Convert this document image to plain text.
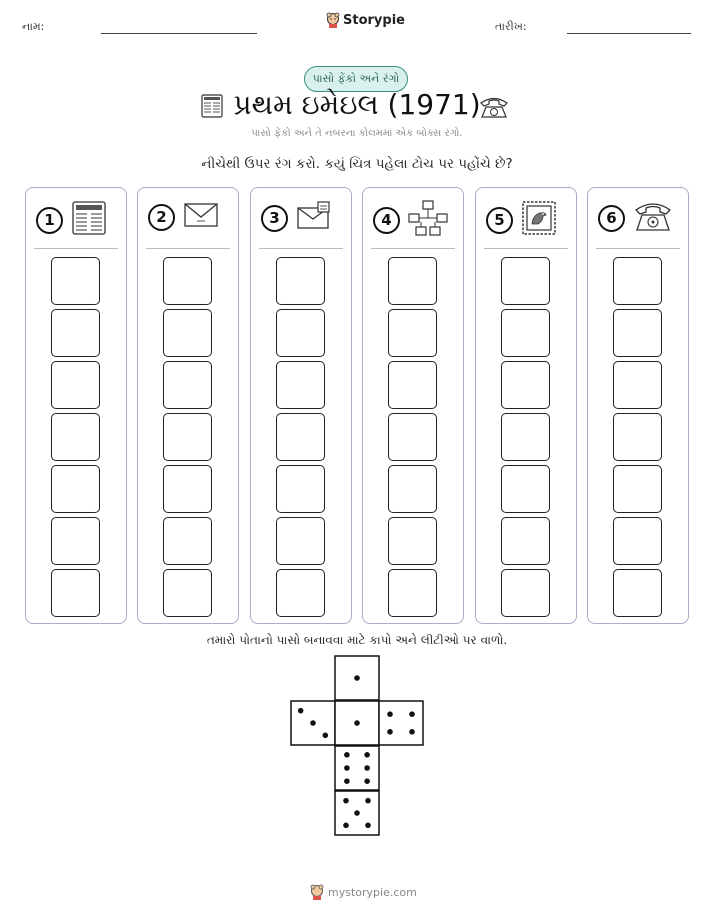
નામ:	Storypie	તારીખ:
પાસો ફેંકો અને રંગો
પ્રથમ ઇમેઇલ (1971)
પાસો ફેંકો અને તે નંબરના કોલમમાં એક બોક્સ રંગો.
નીચેથી ઉપર રંગ કરો. કયું ચિત્ર પહેલા ટોચ પર પહોંચે છે?
1	2	3	4	5	6
તમારો પોતાનો પાસો બનાવવા માટે કાપો અને લીટીઓ પર વાળો.
mystorypie.com
